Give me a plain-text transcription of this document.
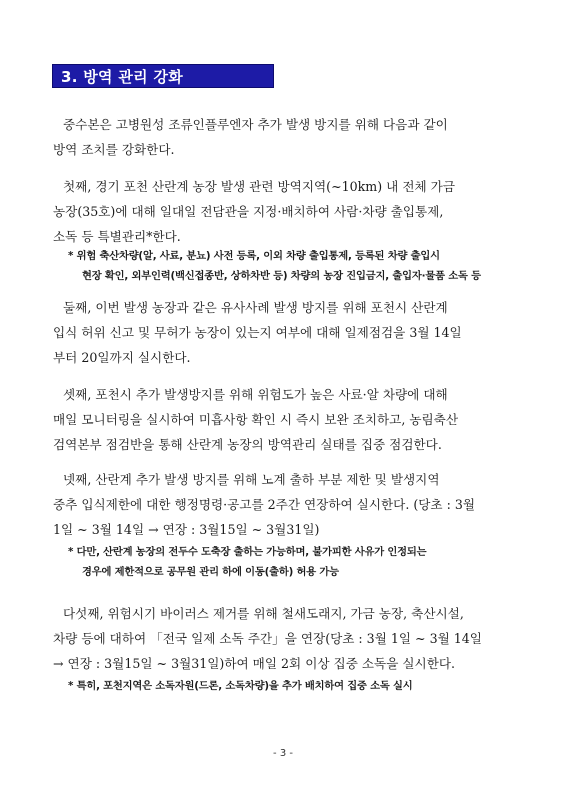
3. 방역 관리 강화
중수본은 고병원성 조류인플루엔자 추가 발생 방지를 위해 다음과 같이
방역 조치를 강화한다.
첫째, 경기 포천 산란계 농장 발생 관련 방역지역(~10km) 내 전체 가금
농장(35호)에 대해 일대일 전담관을 지정·배치하여 사람·차량 출입통제,
소독 등 특별관리*한다.
* 위험 축산차량(알, 사료, 분뇨) 사전 등록, 이외 차량 출입통제, 등록된 차량 출입시
현장 확인, 외부인력(백신접종반, 상하차반 등) 차량의 농장 진입금지, 출입자·물품 소독 등
둘째, 이번 발생 농장과 같은 유사사례 발생 방지를 위해 포천시 산란계
입식 허위 신고 및 무허가 농장이 있는지 여부에 대해 일제점검을 3월 14일
부터 20일까지 실시한다.
셋째, 포천시 추가 발생방지를 위해 위험도가 높은 사료·알 차량에 대해
매일 모니터링을 실시하여 미흡사항 확인 시 즉시 보완 조치하고, 농림축산
검역본부 점검반을 통해 산란계 농장의 방역관리 실태를 집중 점검한다.
넷째, 산란계 추가 발생 방지를 위해 노계 출하 부분 제한 및 발생지역
중추 입식제한에 대한 행정명령·공고를 2주간 연장하여 실시한다. (당초 : 3월
1일 ~ 3월 14일 → 연장 : 3월15일 ~ 3월31일)
* 다만, 산란계 농장의 전두수 도축장 출하는 가능하며, 불가피한 사유가 인정되는
경우에 제한적으로 공무원 관리 하에 이동(출하) 허용 가능
다섯째, 위험시기 바이러스 제거를 위해 철새도래지, 가금 농장, 축산시설,
차량 등에 대하여 「전국 일제 소독 주간」을 연장(당초 : 3월 1일 ~ 3월 14일
→ 연장 : 3월15일 ~ 3월31일)하여 매일 2회 이상 집중 소독을 실시한다.
* 특히, 포천지역은 소독자원(드론, 소독차량)을 추가 배치하여 집중 소독 실시
- 3 -
